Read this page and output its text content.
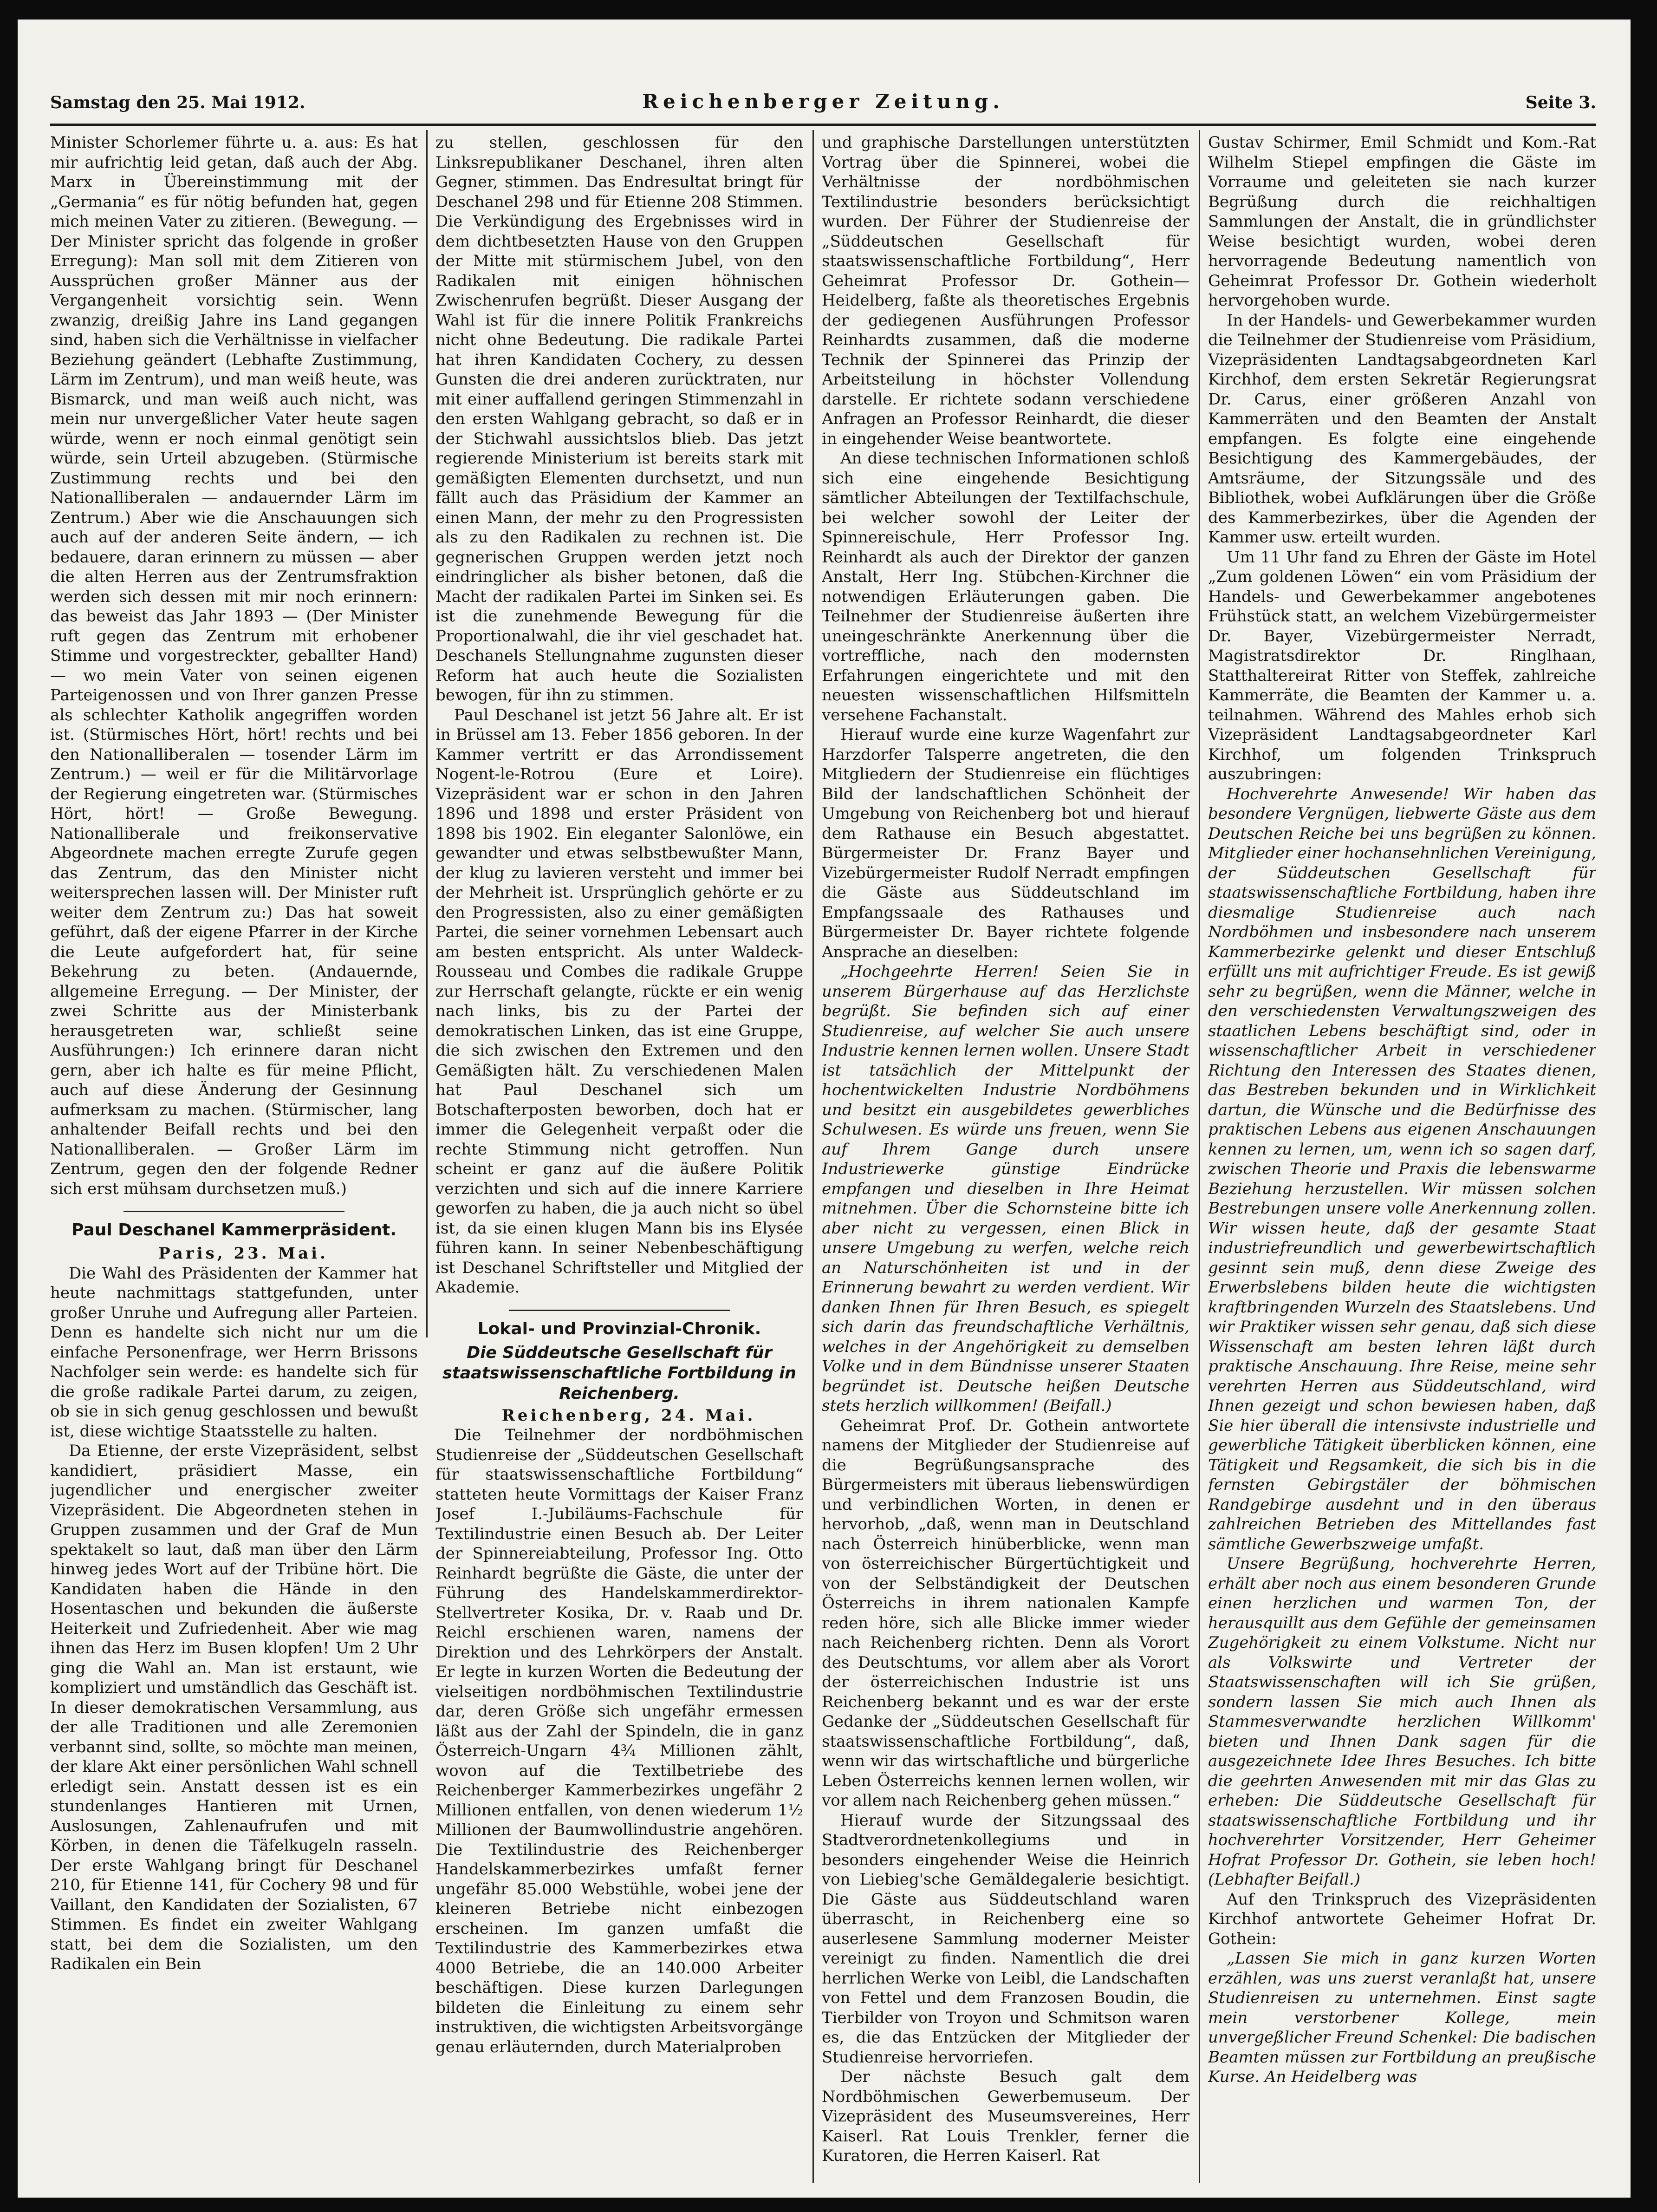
Samstag den 25. Mai 1912.	Reichenberger Zeitung.	Seite 3.

Minister Schorlemer führte u. a. aus: Es hat mir aufrichtig leid getan, daß auch der Abg. Marx in Übereinstimmung mit der „Germania“ es für nötig befunden hat, gegen mich meinen Vater zu zitieren. (Bewegung. — Der Minister spricht das folgende in großer Erregung): Man soll mit dem Zitieren von Aussprüchen großer Männer aus der Vergangenheit vorsichtig sein. Wenn zwanzig, dreißig Jahre ins Land gegangen sind, haben sich die Verhältnisse in vielfacher Beziehung geändert (Lebhafte Zustimmung, Lärm im Zentrum), und man weiß heute, was Bismarck, und man weiß auch nicht, was mein nur unvergeßlicher Vater heute sagen würde, wenn er noch einmal genötigt sein würde, sein Urteil abzugeben. (Stürmische Zustimmung rechts und bei den Nationalliberalen — andauernder Lärm im Zentrum.) Aber wie die Anschauungen sich auch auf der anderen Seite ändern, — ich bedauere, daran erinnern zu müssen — aber die alten Herren aus der Zentrumsfraktion werden sich dessen mit mir noch erinnern: das beweist das Jahr 1893 — (Der Minister ruft gegen das Zentrum mit erhobener Stimme und vorgestreckter, geballter Hand) — wo mein Vater von seinen eigenen Parteigenossen und von Ihrer ganzen Presse als schlechter Katholik angegriffen worden ist. (Stürmisches Hört, hört! rechts und bei den Nationalliberalen — tosender Lärm im Zentrum.) — weil er für die Militärvorlage der Regierung eingetreten war. (Stürmisches Hört, hört! — Große Bewegung. Nationalliberale und freikonservative Abgeordnete machen erregte Zurufe gegen das Zentrum, das den Minister nicht weitersprechen lassen will. Der Minister ruft weiter dem Zentrum zu:) Das hat soweit geführt, daß der eigene Pfarrer in der Kirche die Leute aufgefordert hat, für seine Bekehrung zu beten. (Andauernde, allgemeine Erregung. — Der Minister, der zwei Schritte aus der Ministerbank herausgetreten war, schließt seine Ausführungen:) Ich erinnere daran nicht gern, aber ich halte es für meine Pflicht, auch auf diese Änderung der Gesinnung aufmerksam zu machen. (Stürmischer, lang anhaltender Beifall rechts und bei den Nationalliberalen. — Großer Lärm im Zentrum, gegen den der folgende Redner sich erst mühsam durchsetzen muß.)

Paul Deschanel Kammerpräsident.

Paris, 23. Mai.

Die Wahl des Präsidenten der Kammer hat heute nachmittags stattgefunden, unter großer Unruhe und Aufregung aller Parteien. Denn es handelte sich nicht nur um die einfache Personenfrage, wer Herrn Brissons Nachfolger sein werde: es handelte sich für die große radikale Partei darum, zu zeigen, ob sie in sich genug geschlossen und bewußt ist, diese wichtige Staatsstelle zu halten.

Da Etienne, der erste Vizepräsident, selbst kandidiert, präsidiert Masse, ein jugendlicher und energischer zweiter Vizepräsident. Die Abgeordneten stehen in Gruppen zusammen und der Graf de Mun spektakelt so laut, daß man über den Lärm hinweg jedes Wort auf der Tribüne hört. Die Kandidaten haben die Hände in den Hosentaschen und bekunden die äußerste Heiterkeit und Zufriedenheit. Aber wie mag ihnen das Herz im Busen klopfen! Um 2 Uhr ging die Wahl an. Man ist erstaunt, wie kompliziert und umständlich das Geschäft ist. In dieser demokratischen Versammlung, aus der alle Traditionen und alle Zeremonien verbannt sind, sollte, so möchte man meinen, der klare Akt einer persönlichen Wahl schnell erledigt sein. Anstatt dessen ist es ein stundenlanges Hantieren mit Urnen, Auslosungen, Zahlenaufrufen und mit Körben, in denen die Täfelkugeln rasseln. Der erste Wahlgang bringt für Deschanel 210, für Etienne 141, für Cochery 98 und für Vaillant, den Kandidaten der Sozialisten, 67 Stimmen. Es findet ein zweiter Wahlgang statt, bei dem die Sozialisten, um den Radikalen ein Bein

zu stellen, geschlossen für den Linksrepublikaner Deschanel, ihren alten Gegner, stimmen. Das Endresultat bringt für Deschanel 298 und für Etienne 208 Stimmen. Die Verkündigung des Ergebnisses wird in dem dichtbesetzten Hause von den Gruppen der Mitte mit stürmischem Jubel, von den Radikalen mit einigen höhnischen Zwischenrufen begrüßt. Dieser Ausgang der Wahl ist für die innere Politik Frankreichs nicht ohne Bedeutung. Die radikale Partei hat ihren Kandidaten Cochery, zu dessen Gunsten die drei anderen zurücktraten, nur mit einer auffallend geringen Stimmenzahl in den ersten Wahlgang gebracht, so daß er in der Stichwahl aussichtslos blieb. Das jetzt regierende Ministerium ist bereits stark mit gemäßigten Elementen durchsetzt, und nun fällt auch das Präsidium der Kammer an einen Mann, der mehr zu den Progressisten als zu den Radikalen zu rechnen ist. Die gegnerischen Gruppen werden jetzt noch eindringlicher als bisher betonen, daß die Macht der radikalen Partei im Sinken sei. Es ist die zunehmende Bewegung für die Proportionalwahl, die ihr viel geschadet hat. Deschanels Stellungnahme zugunsten dieser Reform hat auch heute die Sozialisten bewogen, für ihn zu stimmen.

Paul Deschanel ist jetzt 56 Jahre alt. Er ist in Brüssel am 13. Feber 1856 geboren. In der Kammer vertritt er das Arrondissement Nogent-le-Rotrou (Eure et Loire). Vizepräsident war er schon in den Jahren 1896 und 1898 und erster Präsident von 1898 bis 1902. Ein eleganter Salonlöwe, ein gewandter und etwas selbstbewußter Mann, der klug zu lavieren versteht und immer bei der Mehrheit ist. Ursprünglich gehörte er zu den Progressisten, also zu einer gemäßigten Partei, die seiner vornehmen Lebensart auch am besten entspricht. Als unter Waldeck-Rousseau und Combes die radikale Gruppe zur Herrschaft gelangte, rückte er ein wenig nach links, bis zu der Partei der demokratischen Linken, das ist eine Gruppe, die sich zwischen den Extremen und den Gemäßigten hält. Zu verschiedenen Malen hat Paul Deschanel sich um Botschafterposten beworben, doch hat er immer die Gelegenheit verpaßt oder die rechte Stimmung nicht getroffen. Nun scheint er ganz auf die äußere Politik verzichten und sich auf die innere Karriere geworfen zu haben, die ja auch nicht so übel ist, da sie einen klugen Mann bis ins Elysée führen kann. In seiner Nebenbeschäftigung ist Deschanel Schriftsteller und Mitglied der Akademie.

Lokal- und Provinzial-Chronik.
Die Süddeutsche Gesellschaft für staatswissenschaftliche Fortbildung in Reichenberg.

Reichenberg, 24. Mai.

Die Teilnehmer der nordböhmischen Studienreise der „Süddeutschen Gesellschaft für staatswissenschaftliche Fortbildung“ statteten heute Vormittags der Kaiser Franz Josef I.-Jubiläums-Fachschule für Textilindustrie einen Besuch ab. Der Leiter der Spinnereiabteilung, Professor Ing. Otto Reinhardt begrüßte die Gäste, die unter der Führung des Handelskammerdirektor-Stellvertreter Kosika, Dr. v. Raab und Dr. Reichl erschienen waren, namens der Direktion und des Lehrkörpers der Anstalt. Er legte in kurzen Worten die Bedeutung der vielseitigen nordböhmischen Textilindustrie dar, deren Größe sich ungefähr ermessen läßt aus der Zahl der Spindeln, die in ganz Österreich-Ungarn 4¾ Millionen zählt, wovon auf die Textilbetriebe des Reichenberger Kammerbezirkes ungefähr 2 Millionen entfallen, von denen wiederum 1½ Millionen der Baumwollindustrie angehören. Die Textilindustrie des Reichenberger Handelskammerbezirkes umfaßt ferner ungefähr 85.000 Webstühle, wobei jene der kleineren Betriebe nicht einbezogen erscheinen. Im ganzen umfaßt die Textilindustrie des Kammerbezirkes etwa 4000 Betriebe, die an 140.000 Arbeiter beschäftigen. Diese kurzen Darlegungen bildeten die Einleitung zu einem sehr instruktiven, die wichtigsten Arbeitsvorgänge genau erläuternden, durch Materialproben

und graphische Darstellungen unterstützten Vortrag über die Spinnerei, wobei die Verhältnisse der nordböhmischen Textilindustrie besonders berücksichtigt wurden. Der Führer der Studienreise der „Süddeutschen Gesellschaft für staatswissenschaftliche Fortbildung“, Herr Geheimrat Professor Dr. Gothein—Heidelberg, faßte als theoretisches Ergebnis der gediegenen Ausführungen Professor Reinhardts zusammen, daß die moderne Technik der Spinnerei das Prinzip der Arbeitsteilung in höchster Vollendung darstelle. Er richtete sodann verschiedene Anfragen an Professor Reinhardt, die dieser in eingehender Weise beantwortete.

An diese technischen Informationen schloß sich eine eingehende Besichtigung sämtlicher Abteilungen der Textilfachschule, bei welcher sowohl der Leiter der Spinnereischule, Herr Professor Ing. Reinhardt als auch der Direktor der ganzen Anstalt, Herr Ing. Stübchen-Kirchner die notwendigen Erläuterungen gaben. Die Teilnehmer der Studienreise äußerten ihre uneingeschränkte Anerkennung über die vortreffliche, nach den modernsten Erfahrungen eingerichtete und mit den neuesten wissenschaftlichen Hilfsmitteln versehene Fachanstalt.

Hierauf wurde eine kurze Wagenfahrt zur Harzdorfer Talsperre angetreten, die den Mitgliedern der Studienreise ein flüchtiges Bild der landschaftlichen Schönheit der Umgebung von Reichenberg bot und hierauf dem Rathause ein Besuch abgestattet. Bürgermeister Dr. Franz Bayer und Vizebürgermeister Rudolf Nerradt empfingen die Gäste aus Süddeutschland im Empfangssaale des Rathauses und Bürgermeister Dr. Bayer richtete folgende Ansprache an dieselben:

„Hochgeehrte Herren! Seien Sie in unserem Bürgerhause auf das Herzlichste begrüßt. Sie befinden sich auf einer Studienreise, auf welcher Sie auch unsere Industrie kennen lernen wollen. Unsere Stadt ist tatsächlich der Mittelpunkt der hochentwickelten Industrie Nordböhmens und besitzt ein ausgebildetes gewerbliches Schulwesen. Es würde uns freuen, wenn Sie auf Ihrem Gange durch unsere Industriewerke günstige Eindrücke empfangen und dieselben in Ihre Heimat mitnehmen. Über die Schornsteine bitte ich aber nicht zu vergessen, einen Blick in unsere Umgebung zu werfen, welche reich an Naturschönheiten ist und in der Erinnerung bewahrt zu werden verdient. Wir danken Ihnen für Ihren Besuch, es spiegelt sich darin das freundschaftliche Verhältnis, welches in der Angehörigkeit zu demselben Volke und in dem Bündnisse unserer Staaten begründet ist. Deutsche heißen Deutsche stets herzlich willkommen! (Beifall.)

Geheimrat Prof. Dr. Gothein antwortete namens der Mitglieder der Studienreise auf die Begrüßungsansprache des Bürgermeisters mit überaus liebenswürdigen und verbindlichen Worten, in denen er hervorhob, „daß, wenn man in Deutschland nach Österreich hinüberblicke, wenn man von österreichischer Bürgertüchtigkeit und von der Selbständigkeit der Deutschen Österreichs in ihrem nationalen Kampfe reden höre, sich alle Blicke immer wieder nach Reichenberg richten. Denn als Vorort des Deutschtums, vor allem aber als Vorort der österreichischen Industrie ist uns Reichenberg bekannt und es war der erste Gedanke der „Süddeutschen Gesellschaft für staatswissenschaftliche Fortbildung“, daß, wenn wir das wirtschaftliche und bürgerliche Leben Österreichs kennen lernen wollen, wir vor allem nach Reichenberg gehen müssen.“

Hierauf wurde der Sitzungssaal des Stadtverordnetenkollegiums und in besonders eingehender Weise die Heinrich von Liebieg'sche Gemäldegalerie besichtigt. Die Gäste aus Süddeutschland waren überrascht, in Reichenberg eine so auserlesene Sammlung moderner Meister vereinigt zu finden. Namentlich die drei herrlichen Werke von Leibl, die Landschaften von Fettel und dem Franzosen Boudin, die Tierbilder von Troyon und Schmitson waren es, die das Entzücken der Mitglieder der Studienreise hervorriefen.

Der nächste Besuch galt dem Nordböhmischen Gewerbemuseum. Der Vizepräsident des Museumsvereines, Herr Kaiserl. Rat Louis Trenkler, ferner die Kuratoren, die Herren Kaiserl. Rat

Gustav Schirmer, Emil Schmidt und Kom.-Rat Wilhelm Stiepel empfingen die Gäste im Vorraume und geleiteten sie nach kurzer Begrüßung durch die reichhaltigen Sammlungen der Anstalt, die in gründlichster Weise besichtigt wurden, wobei deren hervorragende Bedeutung namentlich von Geheimrat Professor Dr. Gothein wiederholt hervorgehoben wurde.

In der Handels- und Gewerbekammer wurden die Teilnehmer der Studienreise vom Präsidium, Vizepräsidenten Landtagsabgeordneten Karl Kirchhof, dem ersten Sekretär Regierungsrat Dr. Carus, einer größeren Anzahl von Kammerräten und den Beamten der Anstalt empfangen. Es folgte eine eingehende Besichtigung des Kammergebäudes, der Amtsräume, der Sitzungssäle und des Bibliothek, wobei Aufklärungen über die Größe des Kammerbezirkes, über die Agenden der Kammer usw. erteilt wurden.

Um 11 Uhr fand zu Ehren der Gäste im Hotel „Zum goldenen Löwen“ ein vom Präsidium der Handels- und Gewerbekammer angebotenes Frühstück statt, an welchem Vizebürgermeister Dr. Bayer, Vizebürgermeister Nerradt, Magistratsdirektor Dr. Ringlhaan, Statthaltereirat Ritter von Steffek, zahlreiche Kammerräte, die Beamten der Kammer u. a. teilnahmen. Während des Mahles erhob sich Vizepräsident Landtagsabgeordneter Karl Kirchhof, um folgenden Trinkspruch auszubringen:

Hochverehrte Anwesende! Wir haben das besondere Vergnügen, liebwerte Gäste aus dem Deutschen Reiche bei uns begrüßen zu können. Mitglieder einer hochansehnlichen Vereinigung, der Süddeutschen Gesellschaft für staatswissenschaftliche Fortbildung, haben ihre diesmalige Studienreise auch nach Nordböhmen und insbesondere nach unserem Kammerbezirke gelenkt und dieser Entschluß erfüllt uns mit aufrichtiger Freude. Es ist gewiß sehr zu begrüßen, wenn die Männer, welche in den verschiedensten Verwaltungszweigen des staatlichen Lebens beschäftigt sind, oder in wissenschaftlicher Arbeit in verschiedener Richtung den Interessen des Staates dienen, das Bestreben bekunden und in Wirklichkeit dartun, die Wünsche und die Bedürfnisse des praktischen Lebens aus eigenen Anschauungen kennen zu lernen, um, wenn ich so sagen darf, zwischen Theorie und Praxis die lebenswarme Beziehung herzustellen. Wir müssen solchen Bestrebungen unsere volle Anerkennung zollen. Wir wissen heute, daß der gesamte Staat industriefreundlich und gewerbewirtschaftlich gesinnt sein muß, denn diese Zweige des Erwerbslebens bilden heute die wichtigsten kraftbringenden Wurzeln des Staatslebens. Und wir Praktiker wissen sehr genau, daß sich diese Wissenschaft am besten lehren läßt durch praktische Anschauung. Ihre Reise, meine sehr verehrten Herren aus Süddeutschland, wird Ihnen gezeigt und schon bewiesen haben, daß Sie hier überall die intensivste industrielle und gewerbliche Tätigkeit überblicken können, eine Tätigkeit und Regsamkeit, die sich bis in die fernsten Gebirgstäler der böhmischen Randgebirge ausdehnt und in den überaus zahlreichen Betrieben des Mittellandes fast sämtliche Gewerbszweige umfaßt.

Unsere Begrüßung, hochverehrte Herren, erhält aber noch aus einem besonderen Grunde einen herzlichen und warmen Ton, der herausquillt aus dem Gefühle der gemeinsamen Zugehörigkeit zu einem Volkstume. Nicht nur als Volkswirte und Vertreter der Staatswissenschaften will ich Sie grüßen, sondern lassen Sie mich auch Ihnen als Stammesverwandte herzlichen Willkomm' bieten und Ihnen Dank sagen für die ausgezeichnete Idee Ihres Besuches. Ich bitte die geehrten Anwesenden mit mir das Glas zu erheben: Die Süddeutsche Gesellschaft für staatswissenschaftliche Fortbildung und ihr hochverehrter Vorsitzender, Herr Geheimer Hofrat Professor Dr. Gothein, sie leben hoch! (Lebhafter Beifall.)

Auf den Trinkspruch des Vizepräsidenten Kirchhof antwortete Geheimer Hofrat Dr. Gothein:

„Lassen Sie mich in ganz kurzen Worten erzählen, was uns zuerst veranlaßt hat, unsere Studienreisen zu unternehmen. Einst sagte mein verstorbener Kollege, mein unvergeßlicher Freund Schenkel: Die badischen Beamten müssen zur Fortbildung an preußische Kurse. An Heidelberg was
